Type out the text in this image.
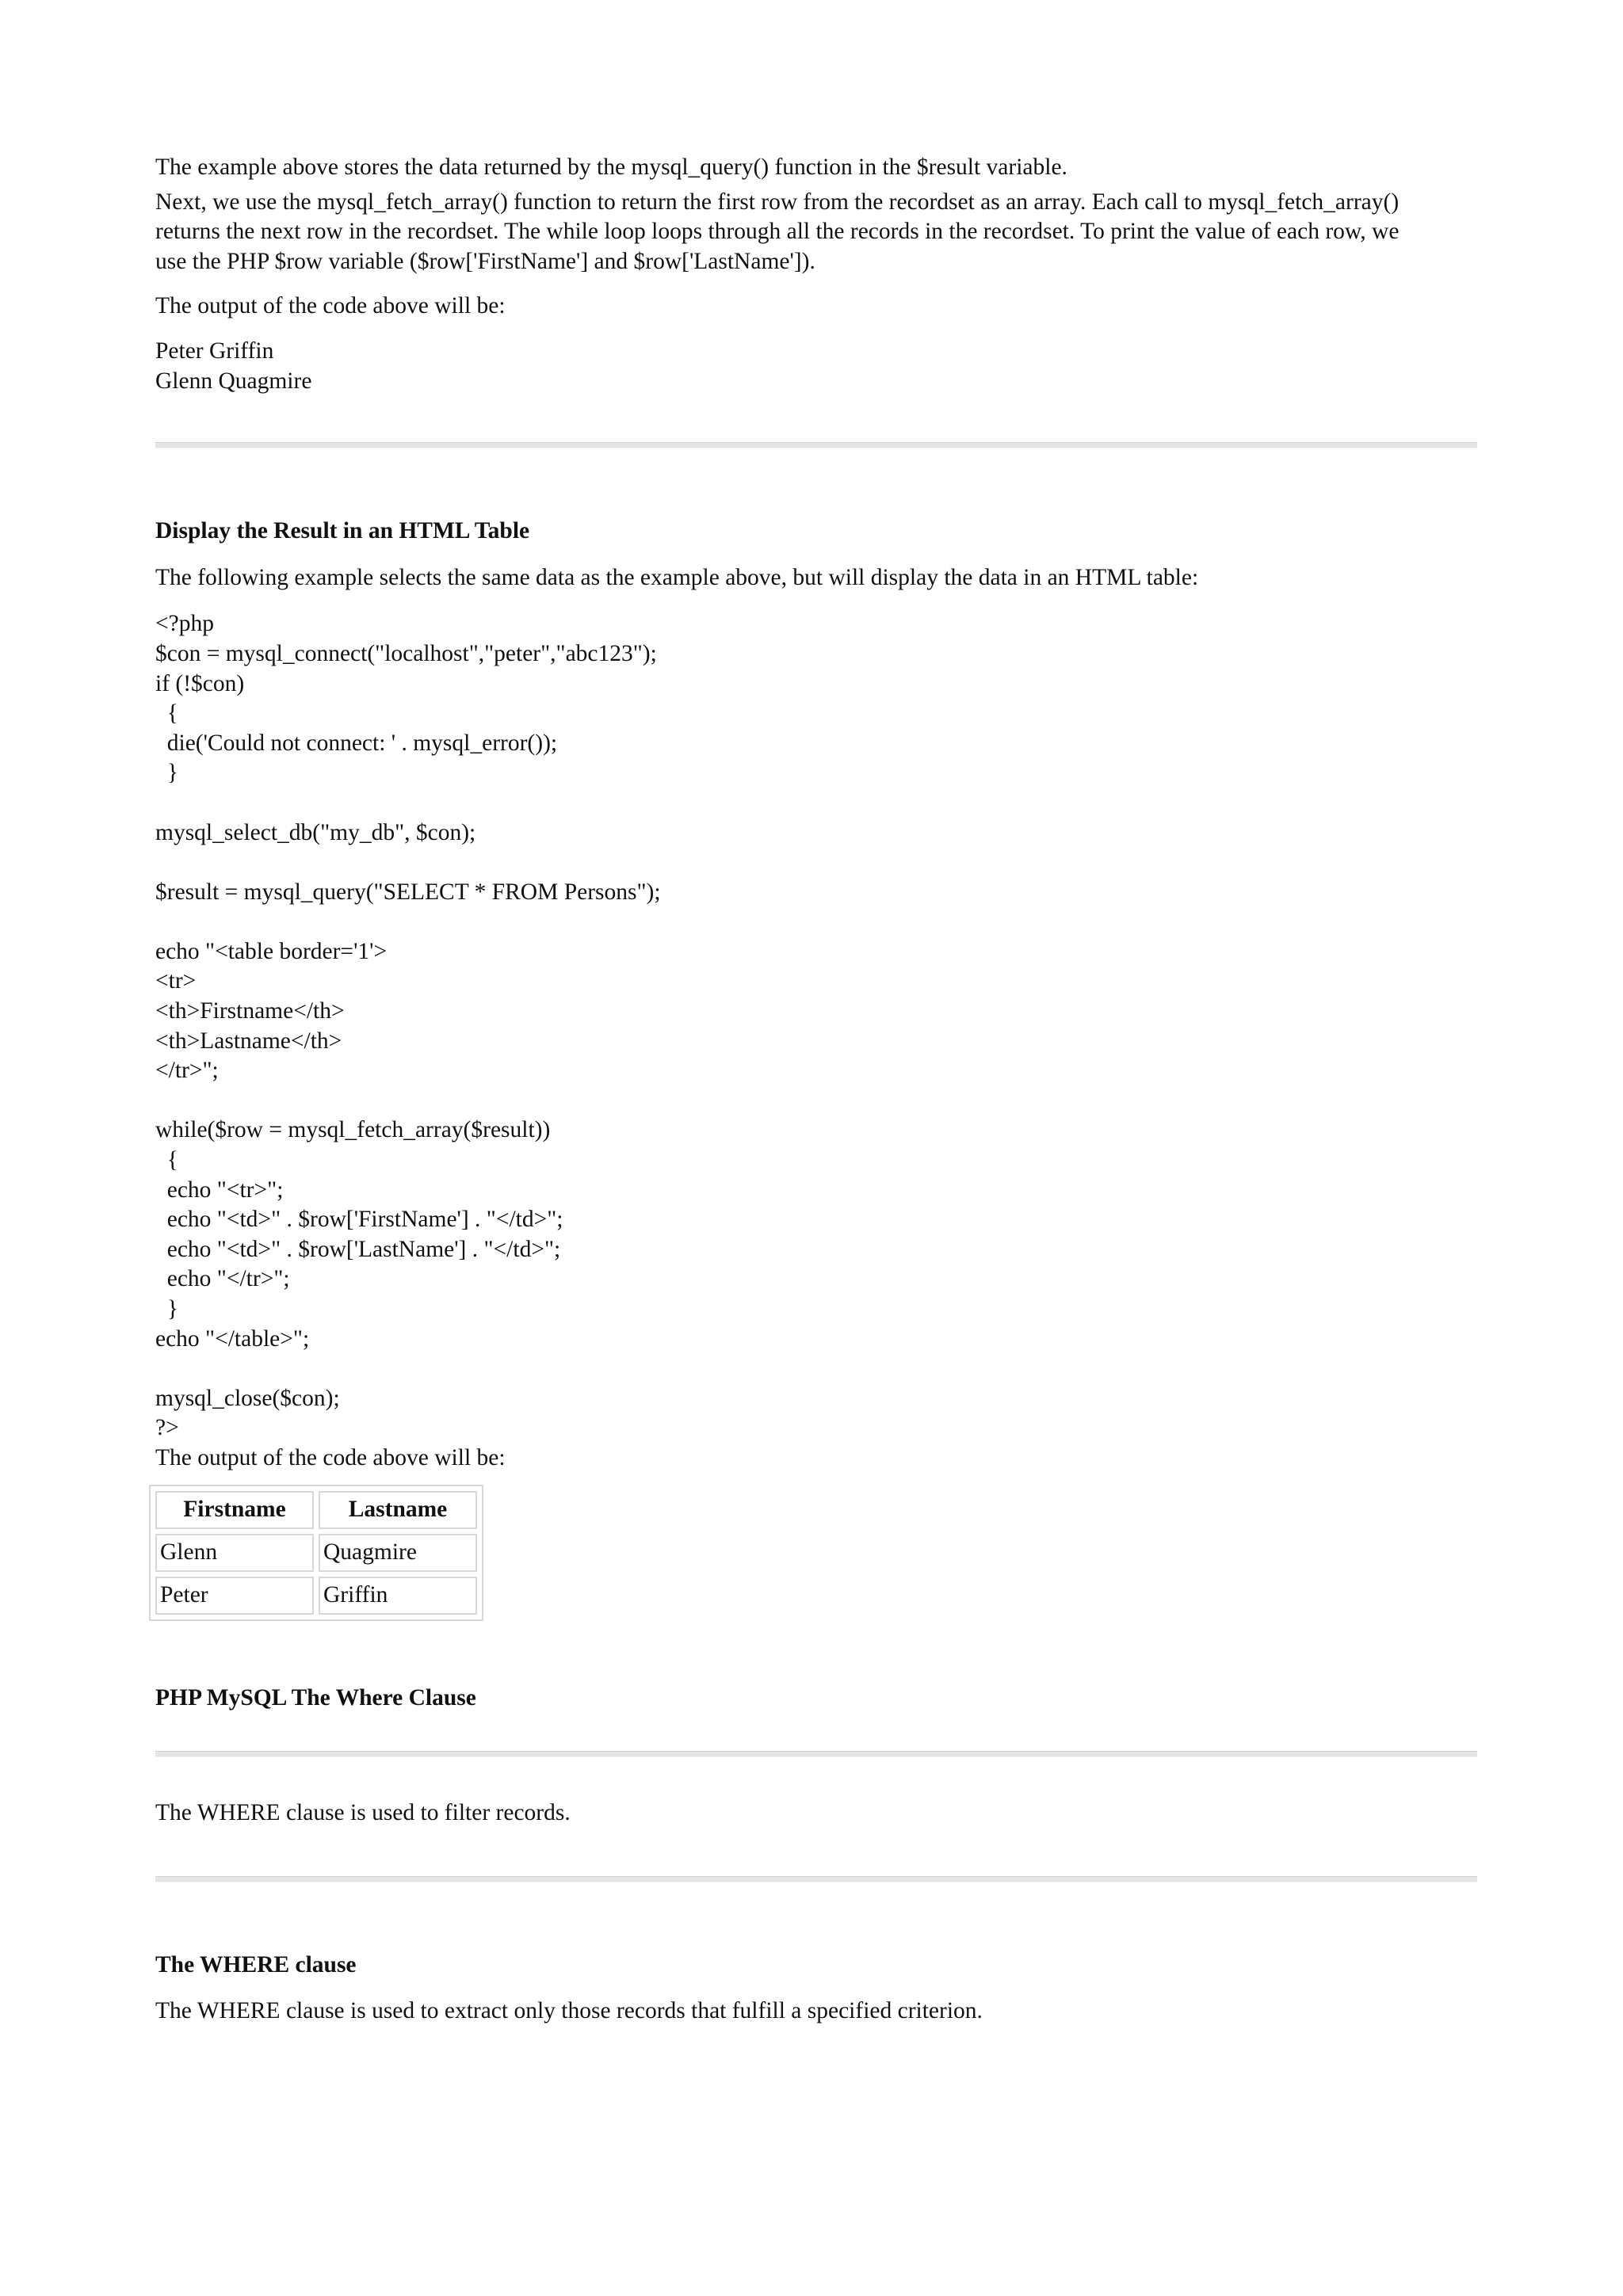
The example above stores the data returned by the mysql_query() function in the $result variable.

Next, we use the mysql_fetch_array() function to return the first row from the recordset as an array. Each call to mysql_fetch_array()
returns the next row in the recordset. The while loop loops through all the records in the recordset. To print the value of each row, we
use the PHP $row variable ($row['FirstName'] and $row['LastName']).

The output of the code above will be:

Peter Griffin
Glenn Quagmire

Display the Result in an HTML Table

The following example selects the same data as the example above, but will display the data in an HTML table:

<?php
$con = mysql_connect("localhost","peter","abc123");
if (!$con)
{
die('Could not connect: ' . mysql_error());
}
mysql_select_db("my_db", $con);
$result = mysql_query("SELECT * FROM Persons");
echo "<table border='1'>
<tr>
<th>Firstname</th>
<th>Lastname</th>
</tr>";
while($row = mysql_fetch_array($result))
{
echo "<tr>";
echo "<td>" . $row['FirstName'] . "</td>";
echo "<td>" . $row['LastName'] . "</td>";
echo "</tr>";
}
echo "</table>";
mysql_close($con);
?>

The output of the code above will be:

Firstname	Lastname
Glenn	Quagmire
Peter	Griffin

PHP MySQL The Where Clause

The WHERE clause is used to filter records.

The WHERE clause

The WHERE clause is used to extract only those records that fulfill a specified criterion.
